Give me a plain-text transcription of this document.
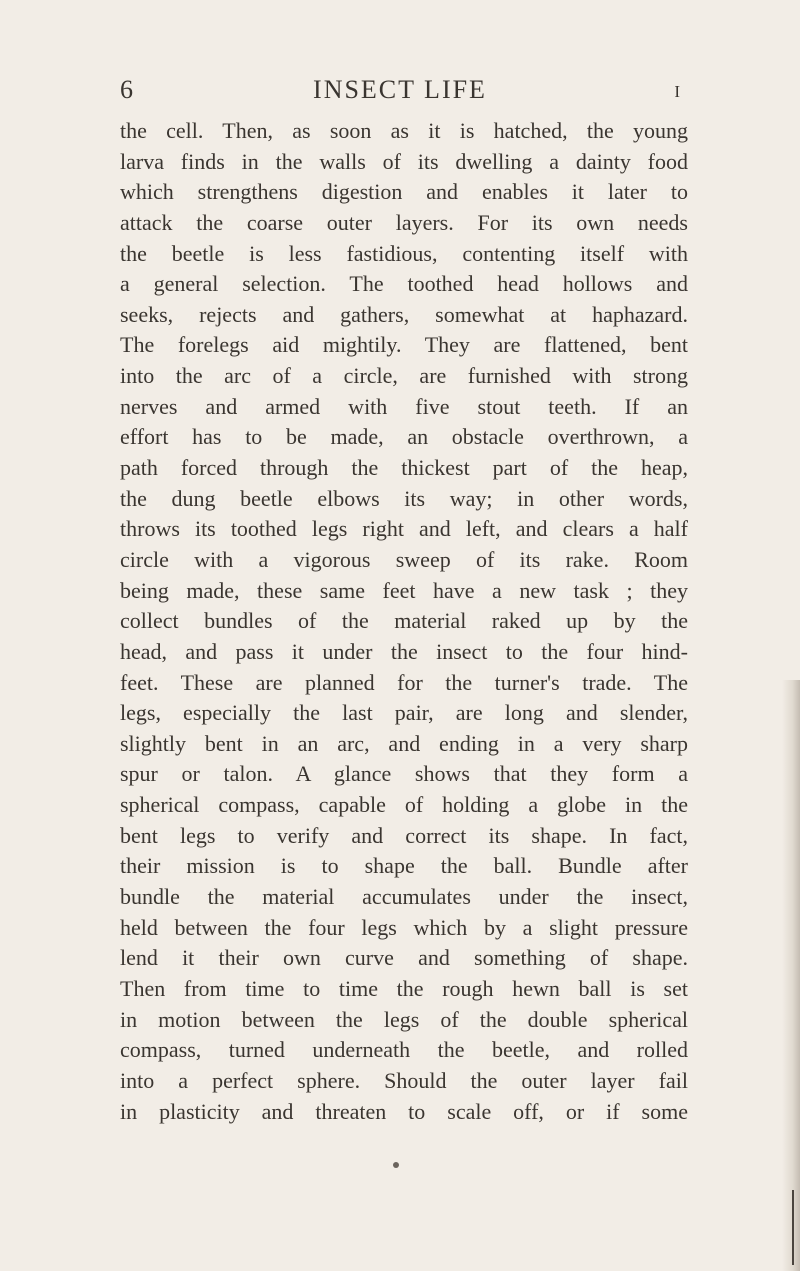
6	INSECT LIFE	I
the cell. Then, as soon as it is hatched, the young
larva finds in the walls of its dwelling a dainty food
which strengthens digestion and enables it later to
attack the coarse outer layers. For its own needs
the beetle is less fastidious, contenting itself with
a general selection. The toothed head hollows and
seeks, rejects and gathers, somewhat at haphazard.
The forelegs aid mightily. They are flattened, bent
into the arc of a circle, are furnished with strong
nerves and armed with five stout teeth. If an
effort has to be made, an obstacle overthrown, a
path forced through the thickest part of the heap,
the dung beetle elbows its way; in other words,
throws its toothed legs right and left, and clears a half
circle with a vigorous sweep of its rake. Room
being made, these same feet have a new task ; they
collect bundles of the material raked up by the
head, and pass it under the insect to the four hind-
feet. These are planned for the turner's trade. The
legs, especially the last pair, are long and slender,
slightly bent in an arc, and ending in a very sharp
spur or talon. A glance shows that they form a
spherical compass, capable of holding a globe in the
bent legs to verify and correct its shape. In fact,
their mission is to shape the ball. Bundle after
bundle the material accumulates under the insect,
held between the four legs which by a slight pressure
lend it their own curve and something of shape.
Then from time to time the rough hewn ball is set
in motion between the legs of the double spherical
compass, turned underneath the beetle, and rolled
into a perfect sphere. Should the outer layer fail
in plasticity and threaten to scale off, or if some
